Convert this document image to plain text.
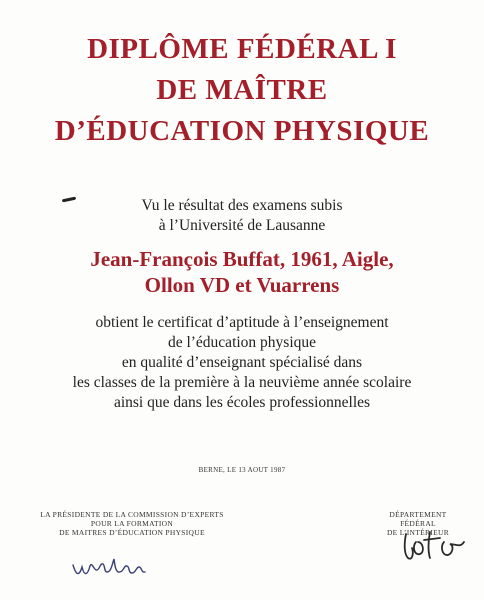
DIPLÔME FÉDÉRAL I
DE MAÎTRE
D’ÉDUCATION PHYSIQUE
Vu le résultat des examens subis
à l’Université de Lausanne
Jean-François Buffat, 1961, Aigle,
Ollon VD et Vuarrens
obtient le certificat d’aptitude à l’enseignement
de l’éducation physique
en qualité d’enseignant spécialisé dans
les classes de la première à la neuvième année scolaire
ainsi que dans les écoles professionnelles
BERNE, LE 13 AOUT 1987
LA PRÉSIDENTE DE LA COMMISSION D’EXPERTS
POUR LA FORMATION
DE MAITRES D’ÉDUCATION PHYSIQUE
DÉPARTEMENT
FÉDÉRAL
DE L’INTÉRIEUR
